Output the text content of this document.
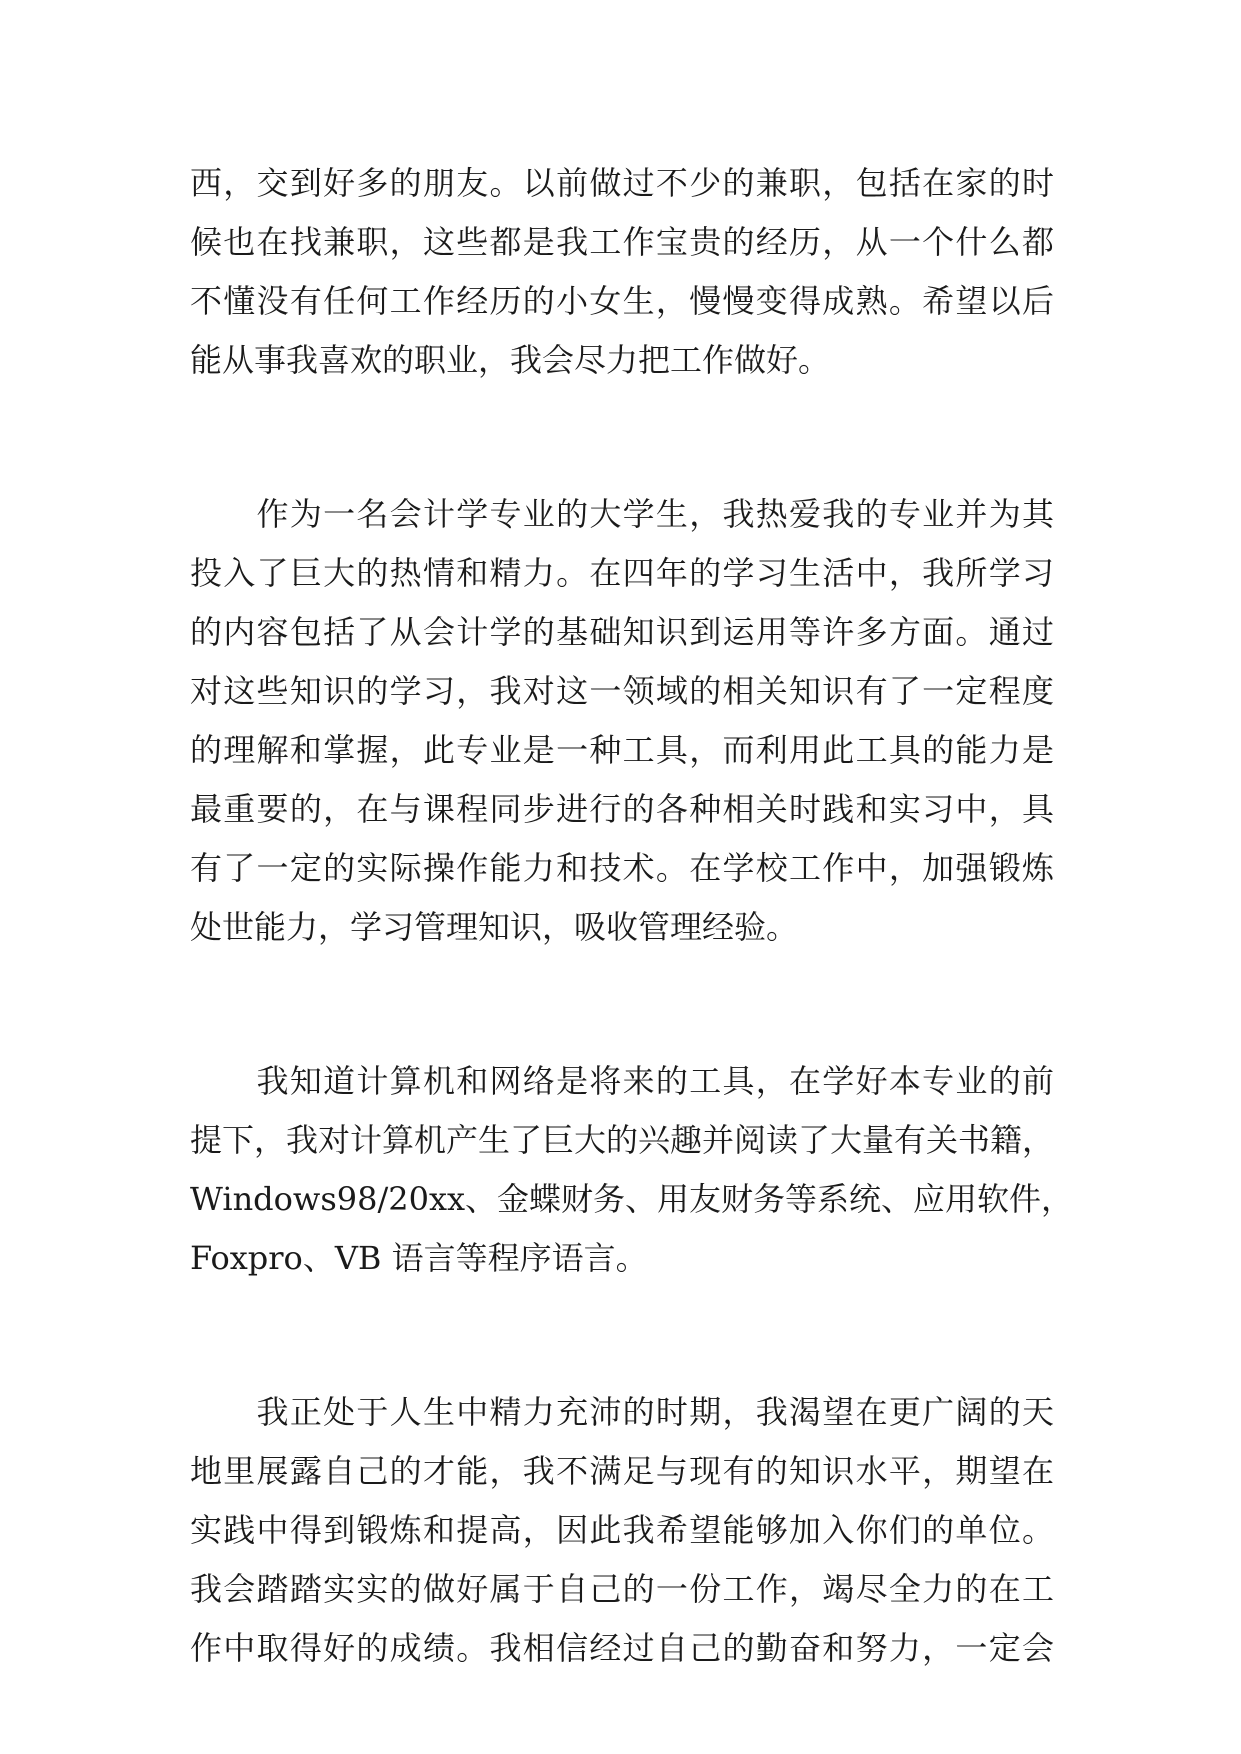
西，交到好多的朋友。以前做过不少的兼职，包括在家的时
候也在找兼职，这些都是我工作宝贵的经历，从一个什么都
不懂没有任何工作经历的小女生，慢慢变得成熟。希望以后
能从事我喜欢的职业，我会尽力把工作做好。
　　作为一名会计学专业的大学生，我热爱我的专业并为其
投入了巨大的热情和精力。在四年的学习生活中，我所学习
的内容包括了从会计学的基础知识到运用等许多方面。通过
对这些知识的学习，我对这一领域的相关知识有了一定程度
的理解和掌握，此专业是一种工具，而利用此工具的能力是
最重要的，在与课程同步进行的各种相关时践和实习中，具
有了一定的实际操作能力和技术。在学校工作中，加强锻炼
处世能力，学习管理知识，吸收管理经验。
　　我知道计算机和网络是将来的工具，在学好本专业的前
提下，我对计算机产生了巨大的兴趣并阅读了大量有关书籍，
Windows98/20xx、金蝶财务、用友财务等系统、应用软件，
Foxpro、VB 语言等程序语言。
　　我正处于人生中精力充沛的时期，我渴望在更广阔的天
地里展露自己的才能，我不满足与现有的知识水平，期望在
实践中得到锻炼和提高，因此我希望能够加入你们的单位。
我会踏踏实实的做好属于自己的一份工作，竭尽全力的在工
作中取得好的成绩。我相信经过自己的勤奋和努力，一定会
